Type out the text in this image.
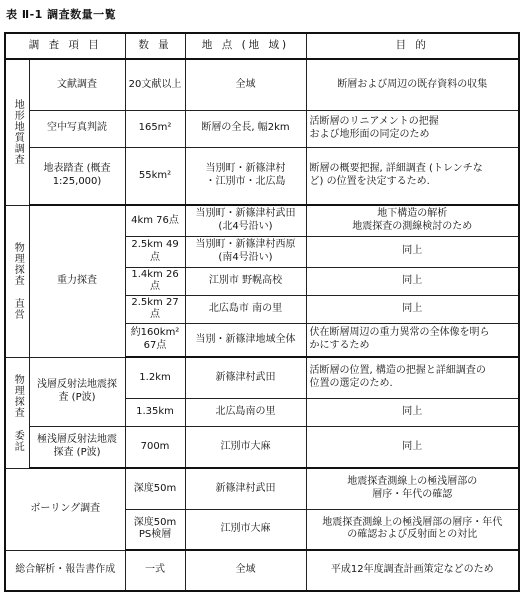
表 Ⅱ-1 調査数量一覧
調 査 項 目		数 量	地 点 (地 域)	目 的
地形地質調査	文献調査	20文献以上	全域	断層および周辺の既存資料の収集
	空中写真判読	165m²	断層の全長, 幅2km	活断層のリニアメントの把握
および地形面の同定のため
	地表踏査 (概査
1:25,000)	55km²	当別町・新篠津村
・江別市・北広島	断層の概要把握, 詳細調査 (トレンチな
ど) の位置を決定するため.
物理探査 直営	重力探査	4km 76点	当別町・新篠津村武田
(北4号沿い)	地下構造の解析
地震探査の測線検討のため
		2.5km 49点	当別町・新篠津村西原
(南4号沿い)	同上
		1.4km 26点	江別市 野幌高校	同上
		2.5km 27点	北広島市 南の里	同上
		約160km²
67点	当別・新篠津地域全体	伏在断層周辺の重力異常の全体像を明ら
かにするため
物理探査 委託	浅層反射法地震探
査 (P波)	1.2km	新篠津村武田	活断層の位置, 構造の把握と詳細調査の
位置の選定のため.
		1.35km	北広島南の里	同上
	極浅層反射法地震
探査 (P波)	700m	江別市大麻	同上
ボーリング調査		深度50m	新篠津村武田	地震探査測線上の極浅層部の
層序・年代の確認
		深度50m
PS検層	江別市大麻	地震探査測線上の極浅層部の層序・年代
の確認および反射面との対比
総合解析・報告書作成		一式	全域	平成12年度調査計画策定などのため
